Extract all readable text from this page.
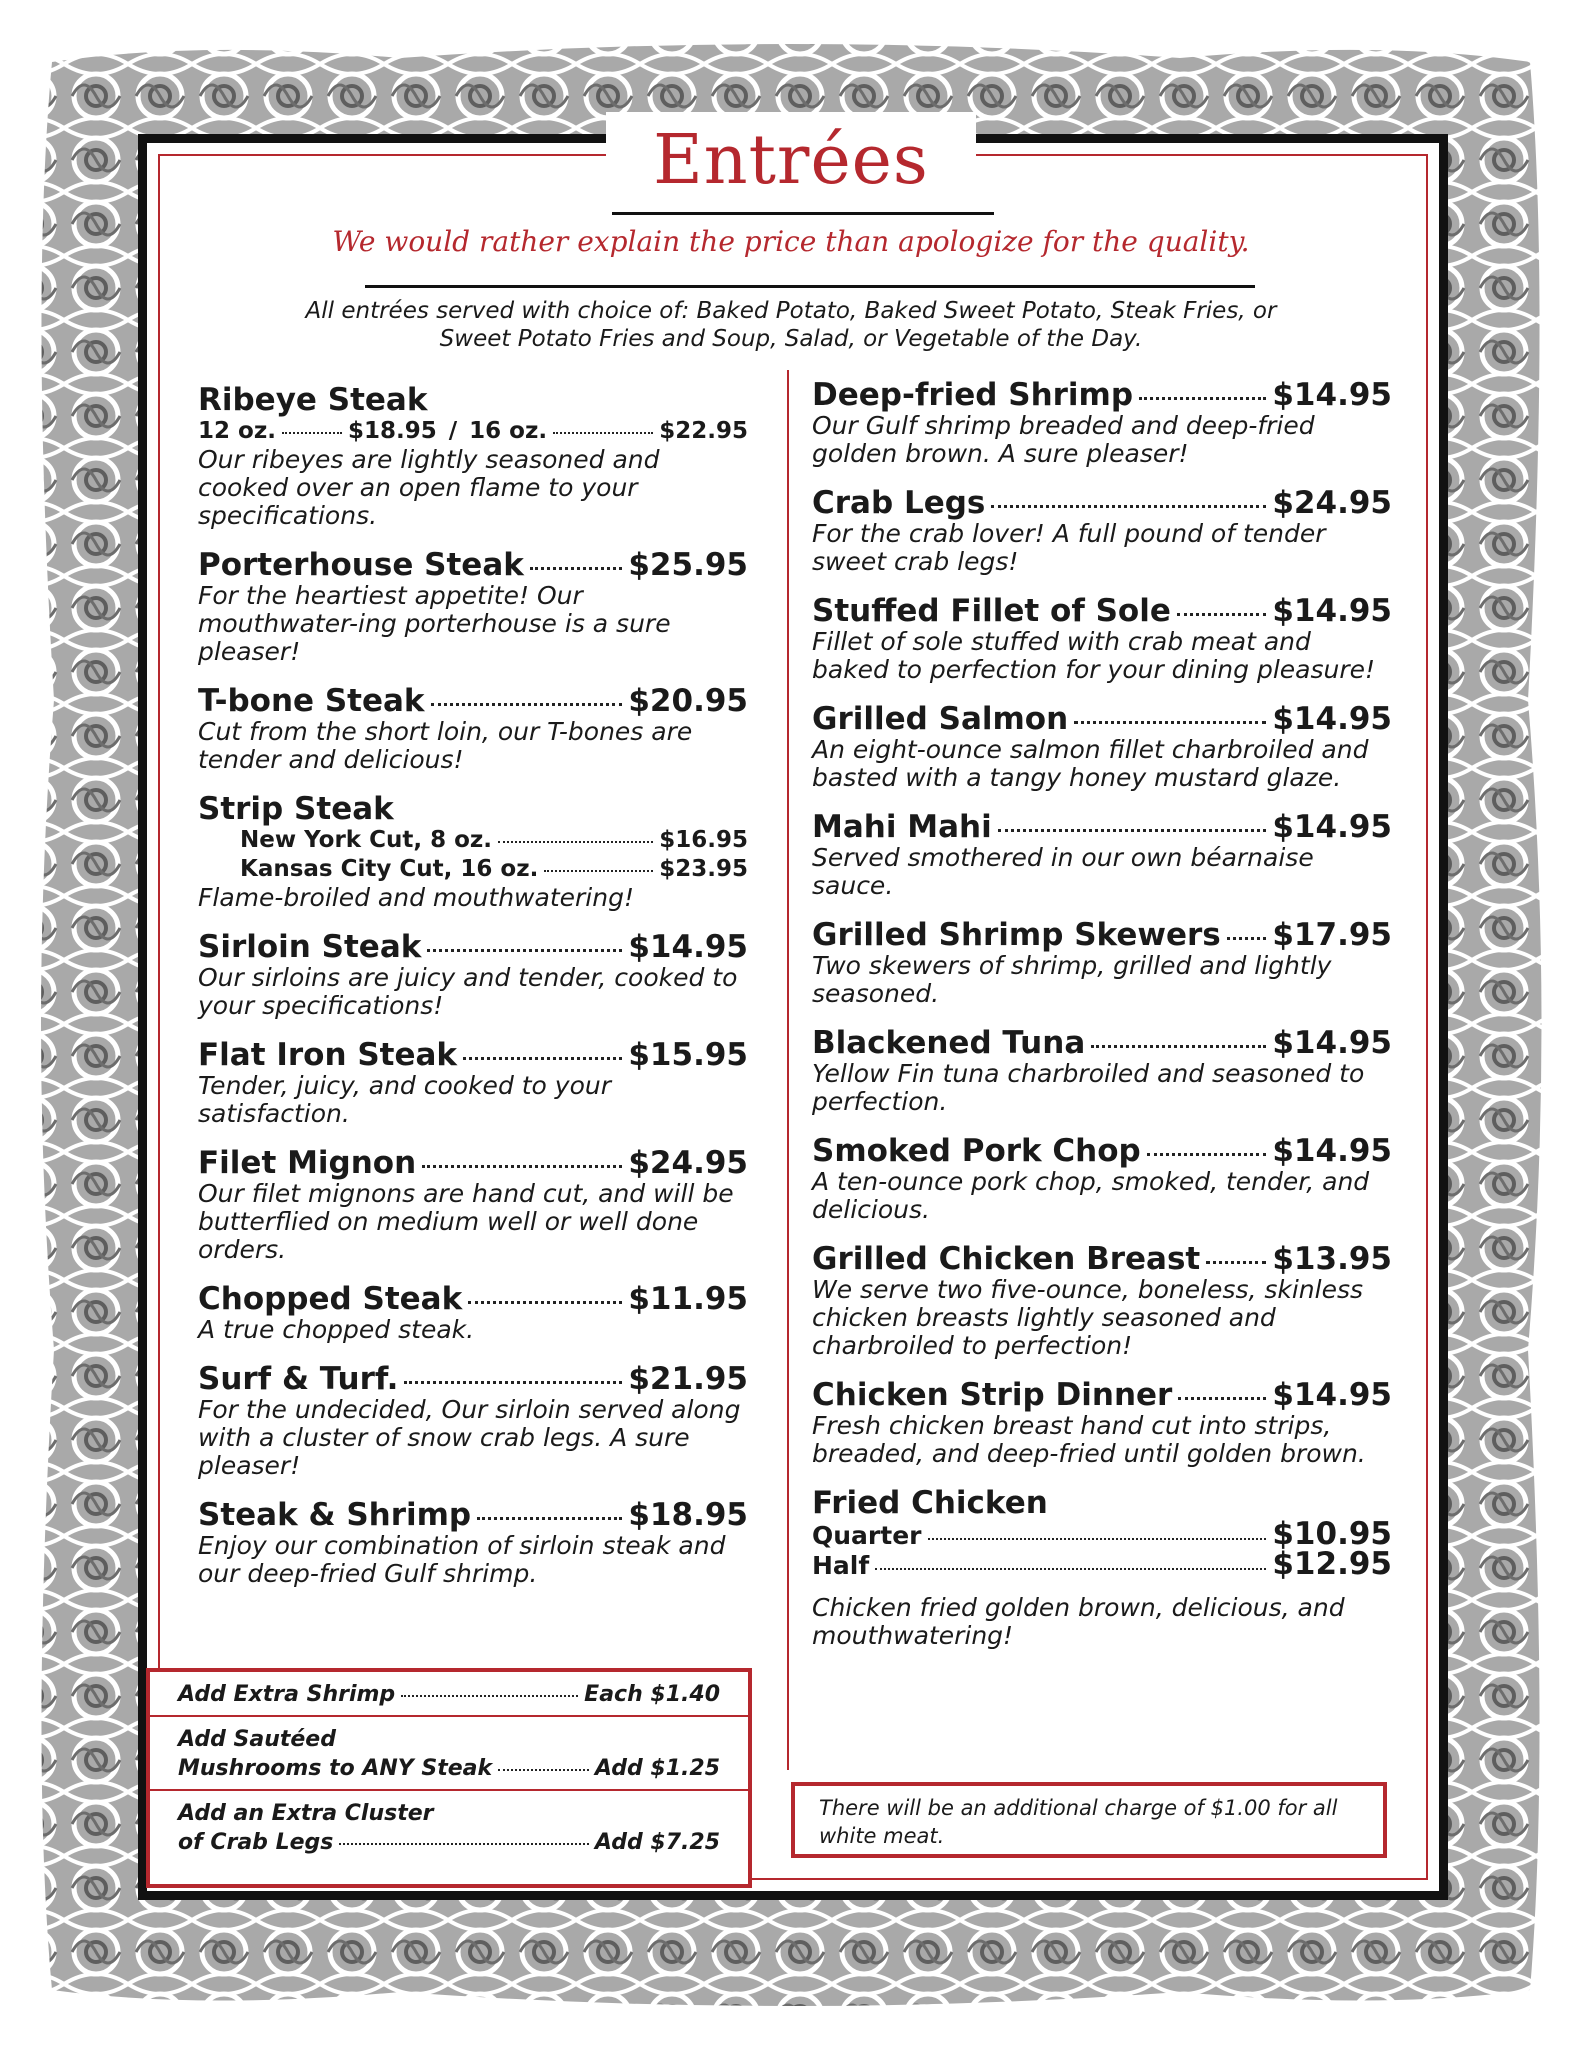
Entrées
We would rather explain the price than apologize for the quality.
All entrées served with choice of: Baked Potato, Baked Sweet Potato, Steak Fries, or Sweet Potato Fries and Soup, Salad, or Vegetable of the Day.
Ribeye Steak
12 oz.	$18.95 / 16 oz.	$22.95
Our ribeyes are lightly seasoned and cooked over an open flame to your specifications.
Porterhouse Steak	$25.95
For the heartiest appetite! Our mouthwater-ing porterhouse is a sure pleaser!
T-bone Steak	$20.95
Cut from the short loin, our T-bones are tender and delicious!
Strip Steak
New York Cut, 8 oz.	$16.95
Kansas City Cut, 16 oz.	$23.95
Flame-broiled and mouthwatering!
Sirloin Steak	$14.95
Our sirloins are juicy and tender, cooked to your specifications!
Flat Iron Steak	$15.95
Tender, juicy, and cooked to your satisfaction.
Filet Mignon	$24.95
Our filet mignons are hand cut, and will be butterflied on medium well or well done orders.
Chopped Steak	$11.95
A true chopped steak.
Surf & Turf.	$21.95
For the undecided, Our sirloin served along with a cluster of snow crab legs. A sure pleaser!
Steak & Shrimp	$18.95
Enjoy our combination of sirloin steak and our deep-fried Gulf shrimp.
Deep-fried Shrimp	$14.95
Our Gulf shrimp breaded and deep-fried golden brown. A sure pleaser!
Crab Legs	$24.95
For the crab lover! A full pound of tender sweet crab legs!
Stuffed Fillet of Sole	$14.95
Fillet of sole stuffed with crab meat and baked to perfection for your dining pleasure!
Grilled Salmon	$14.95
An eight-ounce salmon fillet charbroiled and basted with a tangy honey mustard glaze.
Mahi Mahi	$14.95
Served smothered in our own béarnaise sauce.
Grilled Shrimp Skewers $17.95
Two skewers of shrimp, grilled and lightly seasoned.
Blackened Tuna	$14.95
Yellow Fin tuna charbroiled and seasoned to perfection.
Smoked Pork Chop	$14.95
A ten-ounce pork chop, smoked, tender, and delicious.
Grilled Chicken Breast $13.95
We serve two five-ounce, boneless, skinless chicken breasts lightly seasoned and charbroiled to perfection!
Chicken Strip Dinner	$14.95
Fresh chicken breast hand cut into strips, breaded, and deep-fried until golden brown.
Fried Chicken
Quarter	$10.95
Half	$12.95
Chicken fried golden brown, delicious, and mouthwatering!
Add Extra Shrimp	Each $1.40
Add Sautéed
Mushrooms to ANY Steak	Add $1.25
Add an Extra Cluster
of Crab Legs	Add $7.25
There will be an additional charge of $1.00 for all white meat.
